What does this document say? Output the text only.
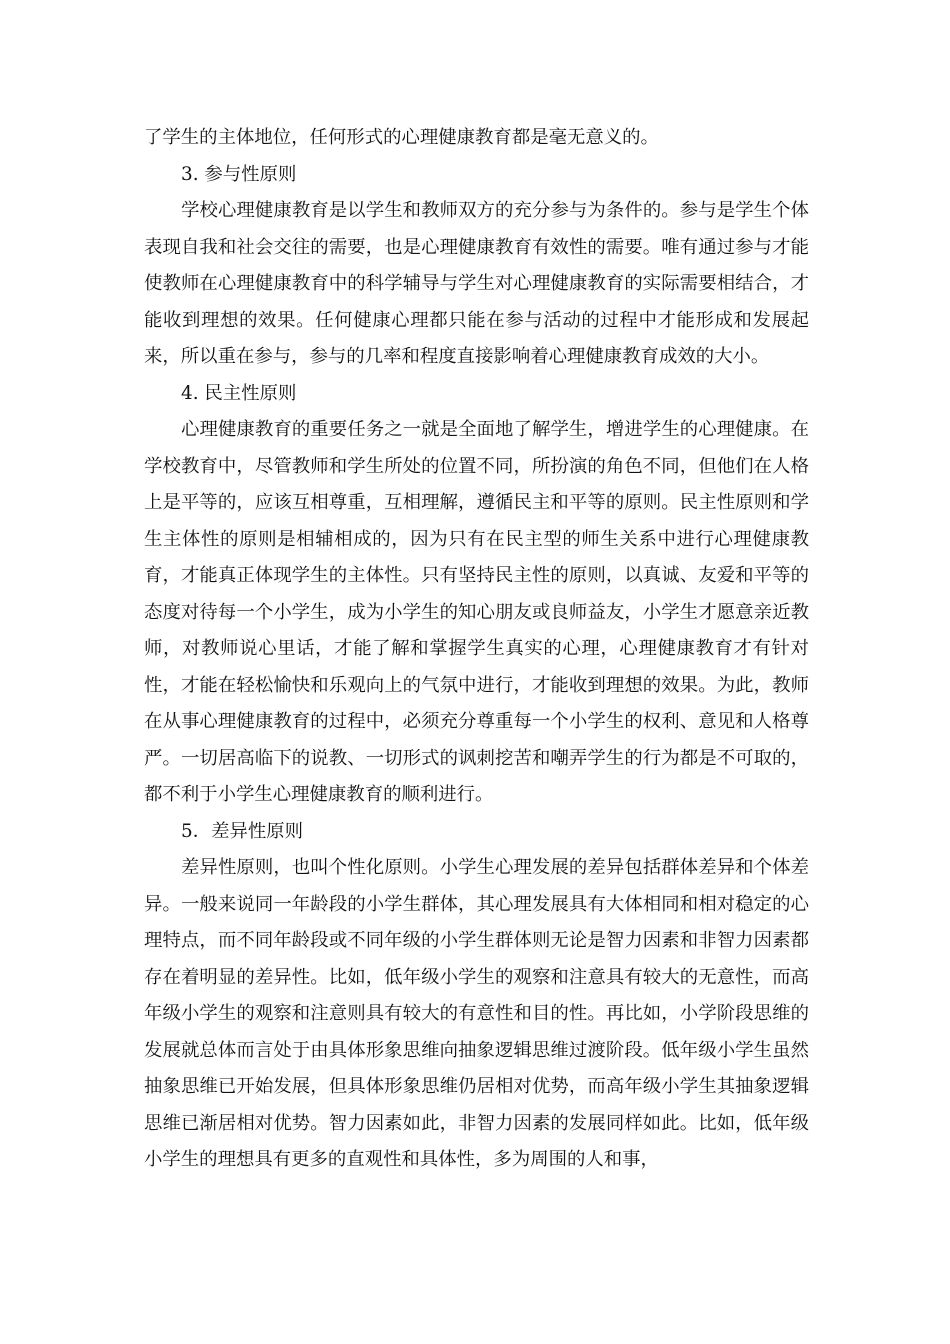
了学生的主体地位，任何形式的心理健康教育都是毫无意义的。

3. 参与性原则

学校心理健康教育是以学生和教师双方的充分参与为条件的。参与是学生个体表现自我和社会交往的需要，也是心理健康教育有效性的需要。唯有通过参与才能使教师在心理健康教育中的科学辅导与学生对心理健康教育的实际需要相结合，才能收到理想的效果。任何健康心理都只能在参与活动的过程中才能形成和发展起来，所以重在参与，参与的几率和程度直接影响着心理健康教育成效的大小。

4. 民主性原则

心理健康教育的重要任务之一就是全面地了解学生，增进学生的心理健康。在学校教育中，尽管教师和学生所处的位置不同，所扮演的角色不同，但他们在人格上是平等的，应该互相尊重，互相理解，遵循民主和平等的原则。民主性原则和学生主体性的原则是相辅相成的，因为只有在民主型的师生关系中进行心理健康教育，才能真正体现学生的主体性。只有坚持民主性的原则，以真诚、友爱和平等的态度对待每一个小学生，成为小学生的知心朋友或良师益友，小学生才愿意亲近教师，对教师说心里话，才能了解和掌握学生真实的心理，心理健康教育才有针对性，才能在轻松愉快和乐观向上的气氛中进行，才能收到理想的效果。为此，教师在从事心理健康教育的过程中，必须充分尊重每一个小学生的权利、意见和人格尊严。一切居高临下的说教、一切形式的讽刺挖苦和嘲弄学生的行为都是不可取的，都不利于小学生心理健康教育的顺利进行。

5．差异性原则

差异性原则，也叫个性化原则。小学生心理发展的差异包括群体差异和个体差异。一般来说同一年龄段的小学生群体，其心理发展具有大体相同和相对稳定的心理特点，而不同年龄段或不同年级的小学生群体则无论是智力因素和非智力因素都存在着明显的差异性。比如，低年级小学生的观察和注意具有较大的无意性，而高年级小学生的观察和注意则具有较大的有意性和目的性。再比如，小学阶段思维的发展就总体而言处于由具体形象思维向抽象逻辑思维过渡阶段。低年级小学生虽然抽象思维已开始发展，但具体形象思维仍居相对优势，而高年级小学生其抽象逻辑思维已渐居相对优势。智力因素如此，非智力因素的发展同样如此。比如，低年级小学生的理想具有更多的直观性和具体性，多为周围的人和事，
